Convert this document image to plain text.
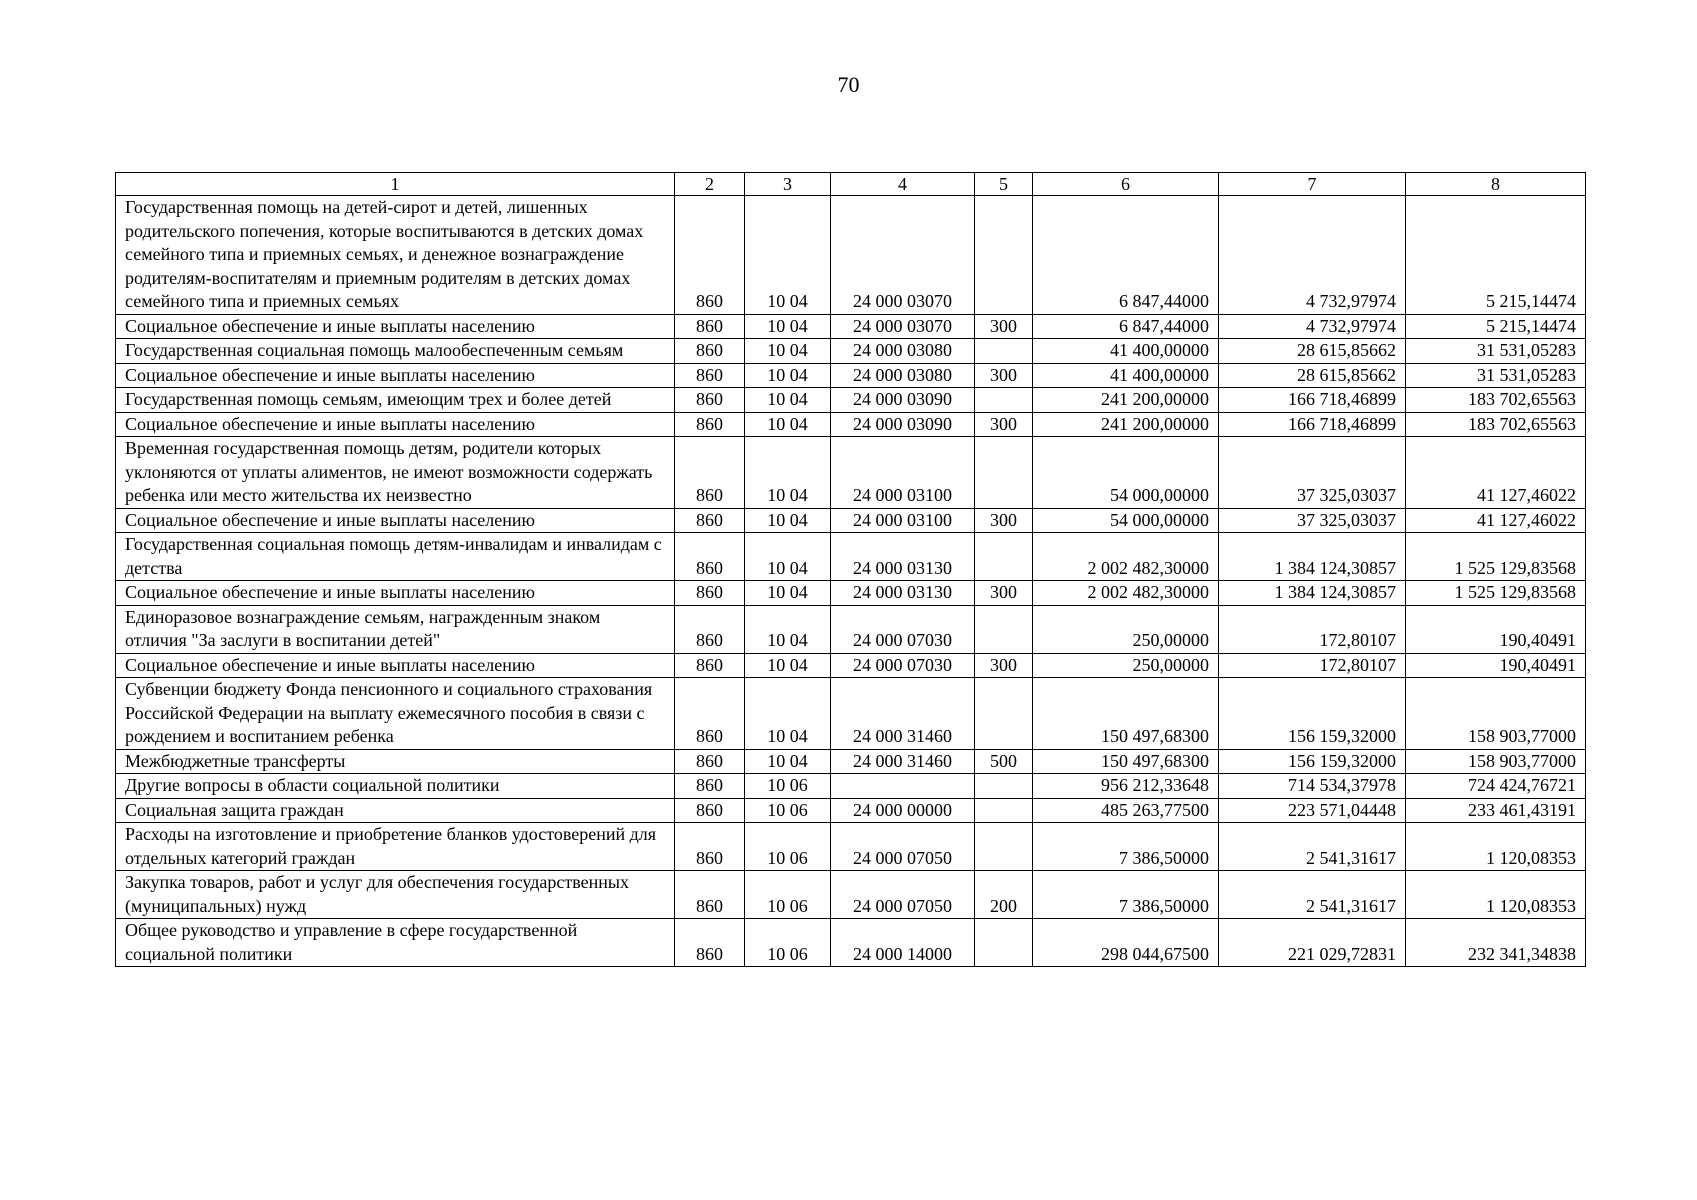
70
1	2	3	4	5	6	7	8
Государственная помощь на детей-сирот и детей, лишенных родительского попечения, которые воспитываются в детских домах семейного типа и приемных семьях, и денежное вознаграждение родителям-воспитателям и приемным родителям в детских домах семейного типа и приемных семьях	860	10 04	24 000 03070		6 847,44000	4 732,97974	5 215,14474
Социальное обеспечение и иные выплаты населению	860	10 04	24 000 03070	300	6 847,44000	4 732,97974	5 215,14474
Государственная социальная помощь малообеспеченным семьям	860	10 04	24 000 03080		41 400,00000	28 615,85662	31 531,05283
Социальное обеспечение и иные выплаты населению	860	10 04	24 000 03080	300	41 400,00000	28 615,85662	31 531,05283
Государственная помощь семьям, имеющим трех и более детей	860	10 04	24 000 03090		241 200,00000	166 718,46899	183 702,65563
Социальное обеспечение и иные выплаты населению	860	10 04	24 000 03090	300	241 200,00000	166 718,46899	183 702,65563
Временная государственная помощь детям, родители которых уклоняются от уплаты алиментов, не имеют возможности содержать ребенка или место жительства их неизвестно	860	10 04	24 000 03100		54 000,00000	37 325,03037	41 127,46022
Социальное обеспечение и иные выплаты населению	860	10 04	24 000 03100	300	54 000,00000	37 325,03037	41 127,46022
Государственная социальная помощь детям-инвалидам и инвалидам с детства	860	10 04	24 000 03130		2 002 482,30000	1 384 124,30857	1 525 129,83568
Социальное обеспечение и иные выплаты населению	860	10 04	24 000 03130	300	2 002 482,30000	1 384 124,30857	1 525 129,83568
Единоразовое вознаграждение семьям, награжденным знаком отличия "За заслуги в воспитании детей"	860	10 04	24 000 07030		250,00000	172,80107	190,40491
Социальное обеспечение и иные выплаты населению	860	10 04	24 000 07030	300	250,00000	172,80107	190,40491
Субвенции бюджету Фонда пенсионного и социального страхования Российской Федерации на выплату ежемесячного пособия в связи с рождением и воспитанием ребенка	860	10 04	24 000 31460		150 497,68300	156 159,32000	158 903,77000
Межбюджетные трансферты	860	10 04	24 000 31460	500	150 497,68300	156 159,32000	158 903,77000
Другие вопросы в области социальной политики	860	10 06			956 212,33648	714 534,37978	724 424,76721
Социальная защита граждан	860	10 06	24 000 00000		485 263,77500	223 571,04448	233 461,43191
Расходы на изготовление и приобретение бланков удостоверений для отдельных категорий граждан	860	10 06	24 000 07050		7 386,50000	2 541,31617	1 120,08353
Закупка товаров, работ и услуг для обеспечения государственных (муниципальных) нужд	860	10 06	24 000 07050	200	7 386,50000	2 541,31617	1 120,08353
Общее руководство и управление в сфере государственной социальной политики	860	10 06	24 000 14000		298 044,67500	221 029,72831	232 341,34838
